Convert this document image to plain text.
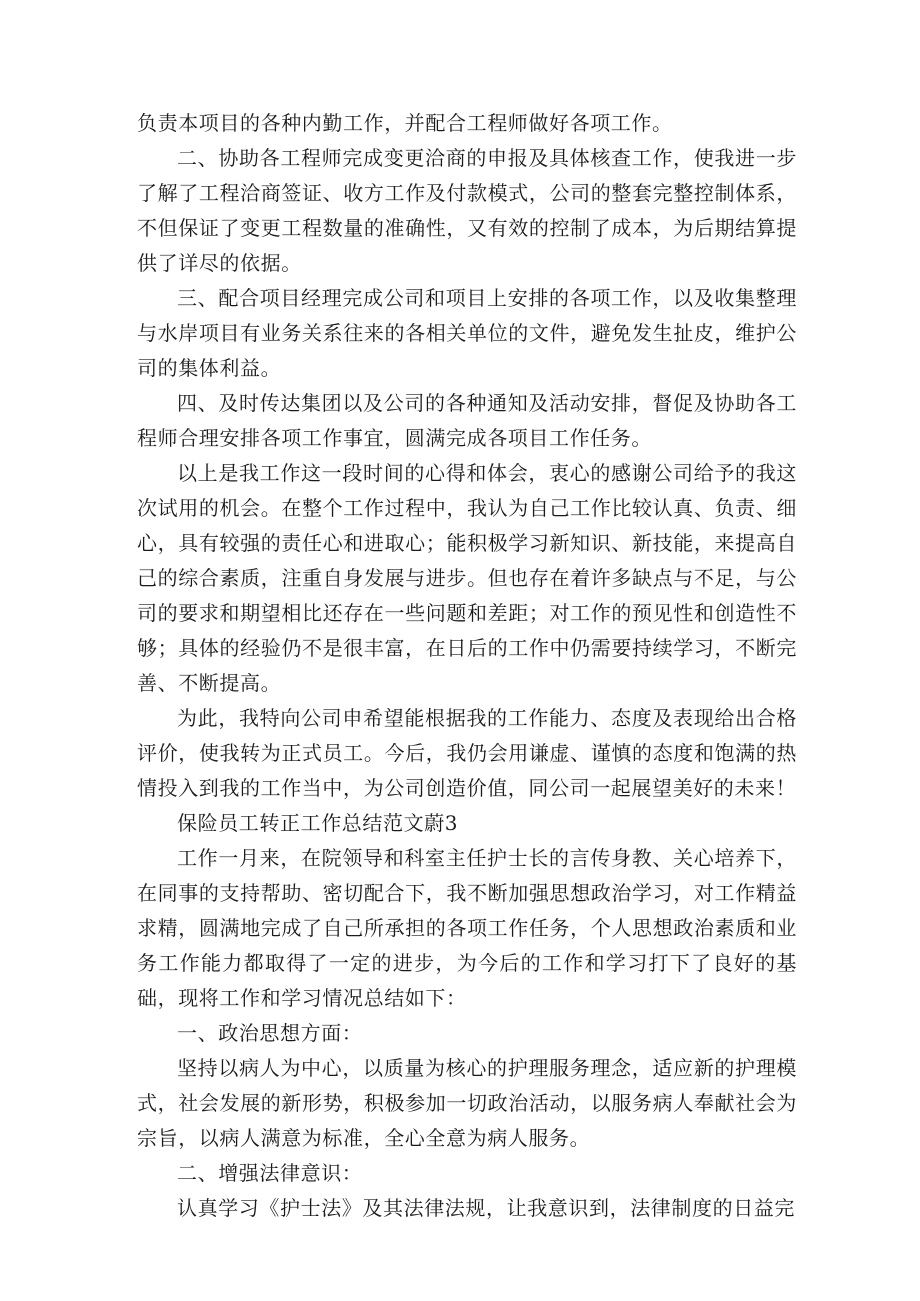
负责本项目的各种内勤工作，并配合工程师做好各项工作。

二、协助各工程师完成变更洽商的申报及具体核查工作，使我进一步了解了工程洽商签证、收方工作及付款模式，公司的整套完整控制体系，不但保证了变更工程数量的准确性，又有效的控制了成本，为后期结算提供了详尽的依据。

三、配合项目经理完成公司和项目上安排的各项工作，以及收集整理与水岸项目有业务关系往来的各相关单位的文件，避免发生扯皮，维护公司的集体利益。

四、及时传达集团以及公司的各种通知及活动安排，督促及协助各工程师合理安排各项工作事宜，圆满完成各项目工作任务。

以上是我工作这一段时间的心得和体会，衷心的感谢公司给予的我这次试用的机会。在整个工作过程中，我认为自己工作比较认真、负责、细心，具有较强的责任心和进取心；能积极学习新知识、新技能，来提高自己的综合素质，注重自身发展与进步。但也存在着许多缺点与不足，与公司的要求和期望相比还存在一些问题和差距；对工作的预见性和创造性不够；具体的经验仍不是很丰富，在日后的工作中仍需要持续学习，不断完善、不断提高。

为此，我特向公司申希望能根据我的工作能力、态度及表现给出合格评价，使我转为正式员工。今后，我仍会用谦虚、谨慎的态度和饱满的热情投入到我的工作当中，为公司创造价值，同公司一起展望美好的未来！

保险员工转正工作总结范文蔚3

工作一月来，在院领导和科室主任护士长的言传身教、关心培养下，在同事的支持帮助、密切配合下，我不断加强思想政治学习，对工作精益求精，圆满地完成了自己所承担的各项工作任务，个人思想政治素质和业务工作能力都取得了一定的进步，为今后的工作和学习打下了良好的基础，现将工作和学习情况总结如下：

一、政治思想方面：

坚持以病人为中心，以质量为核心的护理服务理念，适应新的护理模式，社会发展的新形势，积极参加一切政治活动，以服务病人奉献社会为宗旨，以病人满意为标准，全心全意为病人服务。

二、增强法律意识：

认真学习《护士法》及其法律法规，让我意识到，法律制度的日益完
